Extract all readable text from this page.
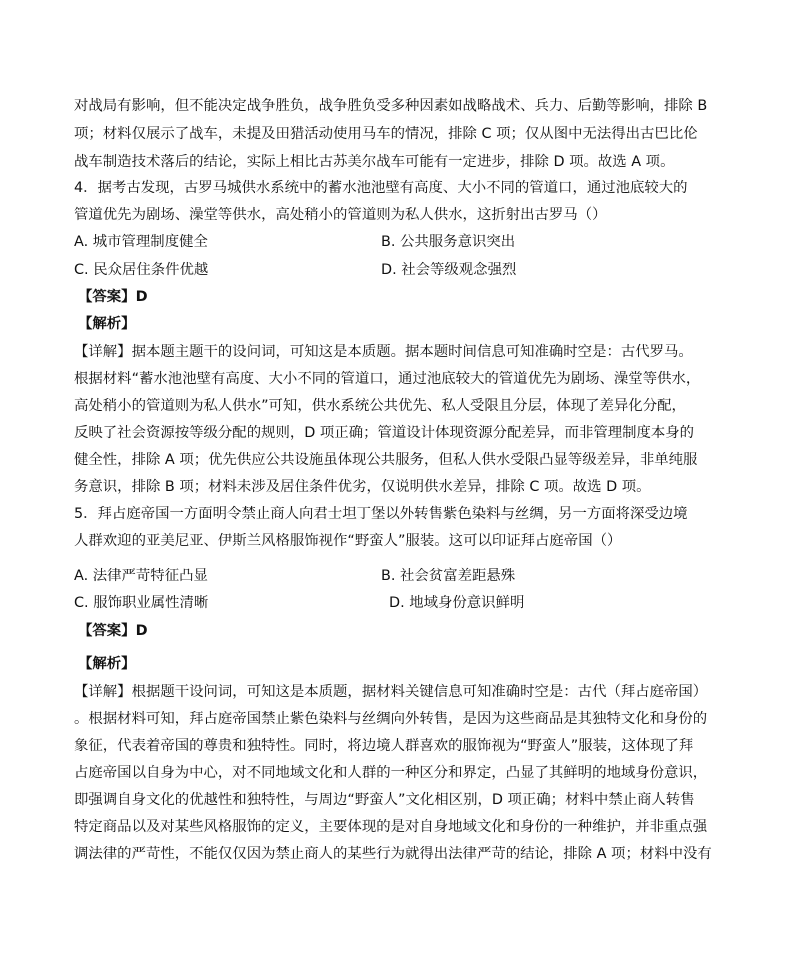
对战局有影响，但不能决定战争胜负，战争胜负受多种因素如战略战术、兵力、后勤等影响，排除 B
项；材料仅展示了战车，未提及田猎活动使用马车的情况，排除 C 项；仅从图中无法得出古巴比伦
战车制造技术落后的结论，实际上相比古苏美尔战车可能有一定进步，排除 D 项。故选 A 项。
4．据考古发现，古罗马城供水系统中的蓄水池池壁有高度、大小不同的管道口，通过池底较大的
管道优先为剧场、澡堂等供水，高处稍小的管道则为私人供水，这折射出古罗马（）
A. 城市管理制度健全	B. 公共服务意识突出
C. 民众居住条件优越	D. 社会等级观念强烈
【答案】D
【解析】
【详解】据本题主题干的设问词，可知这是本质题。据本题时间信息可知准确时空是：古代罗马。
根据材料“蓄水池池壁有高度、大小不同的管道口，通过池底较大的管道优先为剧场、澡堂等供水，
高处稍小的管道则为私人供水”可知，供水系统公共优先、私人受限且分层，体现了差异化分配，
反映了社会资源按等级分配的规则，D 项正确；管道设计体现资源分配差异，而非管理制度本身的
健全性，排除 A 项；优先供应公共设施虽体现公共服务，但私人供水受限凸显等级差异，非单纯服
务意识，排除 B 项；材料未涉及居住条件优劣，仅说明供水差异，排除 C 项。故选 D 项。
5．拜占庭帝国一方面明令禁止商人向君士坦丁堡以外转售紫色染料与丝绸，另一方面将深受边境
人群欢迎的亚美尼亚、伊斯兰风格服饰视作“野蛮人”服装。这可以印证拜占庭帝国（）
A. 法律严苛特征凸显	B. 社会贫富差距悬殊
C. 服饰职业属性清晰	D. 地域身份意识鲜明
【答案】D
【解析】
【详解】根据题干设问词，可知这是本质题，据材料关键信息可知准确时空是：古代（拜占庭帝国）
。根据材料可知，拜占庭帝国禁止紫色染料与丝绸向外转售，是因为这些商品是其独特文化和身份的
象征，代表着帝国的尊贵和独特性。同时，将边境人群喜欢的服饰视为“野蛮人”服装，这体现了拜
占庭帝国以自身为中心，对不同地域文化和人群的一种区分和界定，凸显了其鲜明的地域身份意识，
即强调自身文化的优越性和独特性，与周边“野蛮人”文化相区别，D 项正确；材料中禁止商人转售
特定商品以及对某些风格服饰的定义，主要体现的是对自身地域文化和身份的一种维护，并非重点强
调法律的严苛性，不能仅仅因为禁止商人的某些行为就得出法律严苛的结论，排除 A 项；材料中没有
